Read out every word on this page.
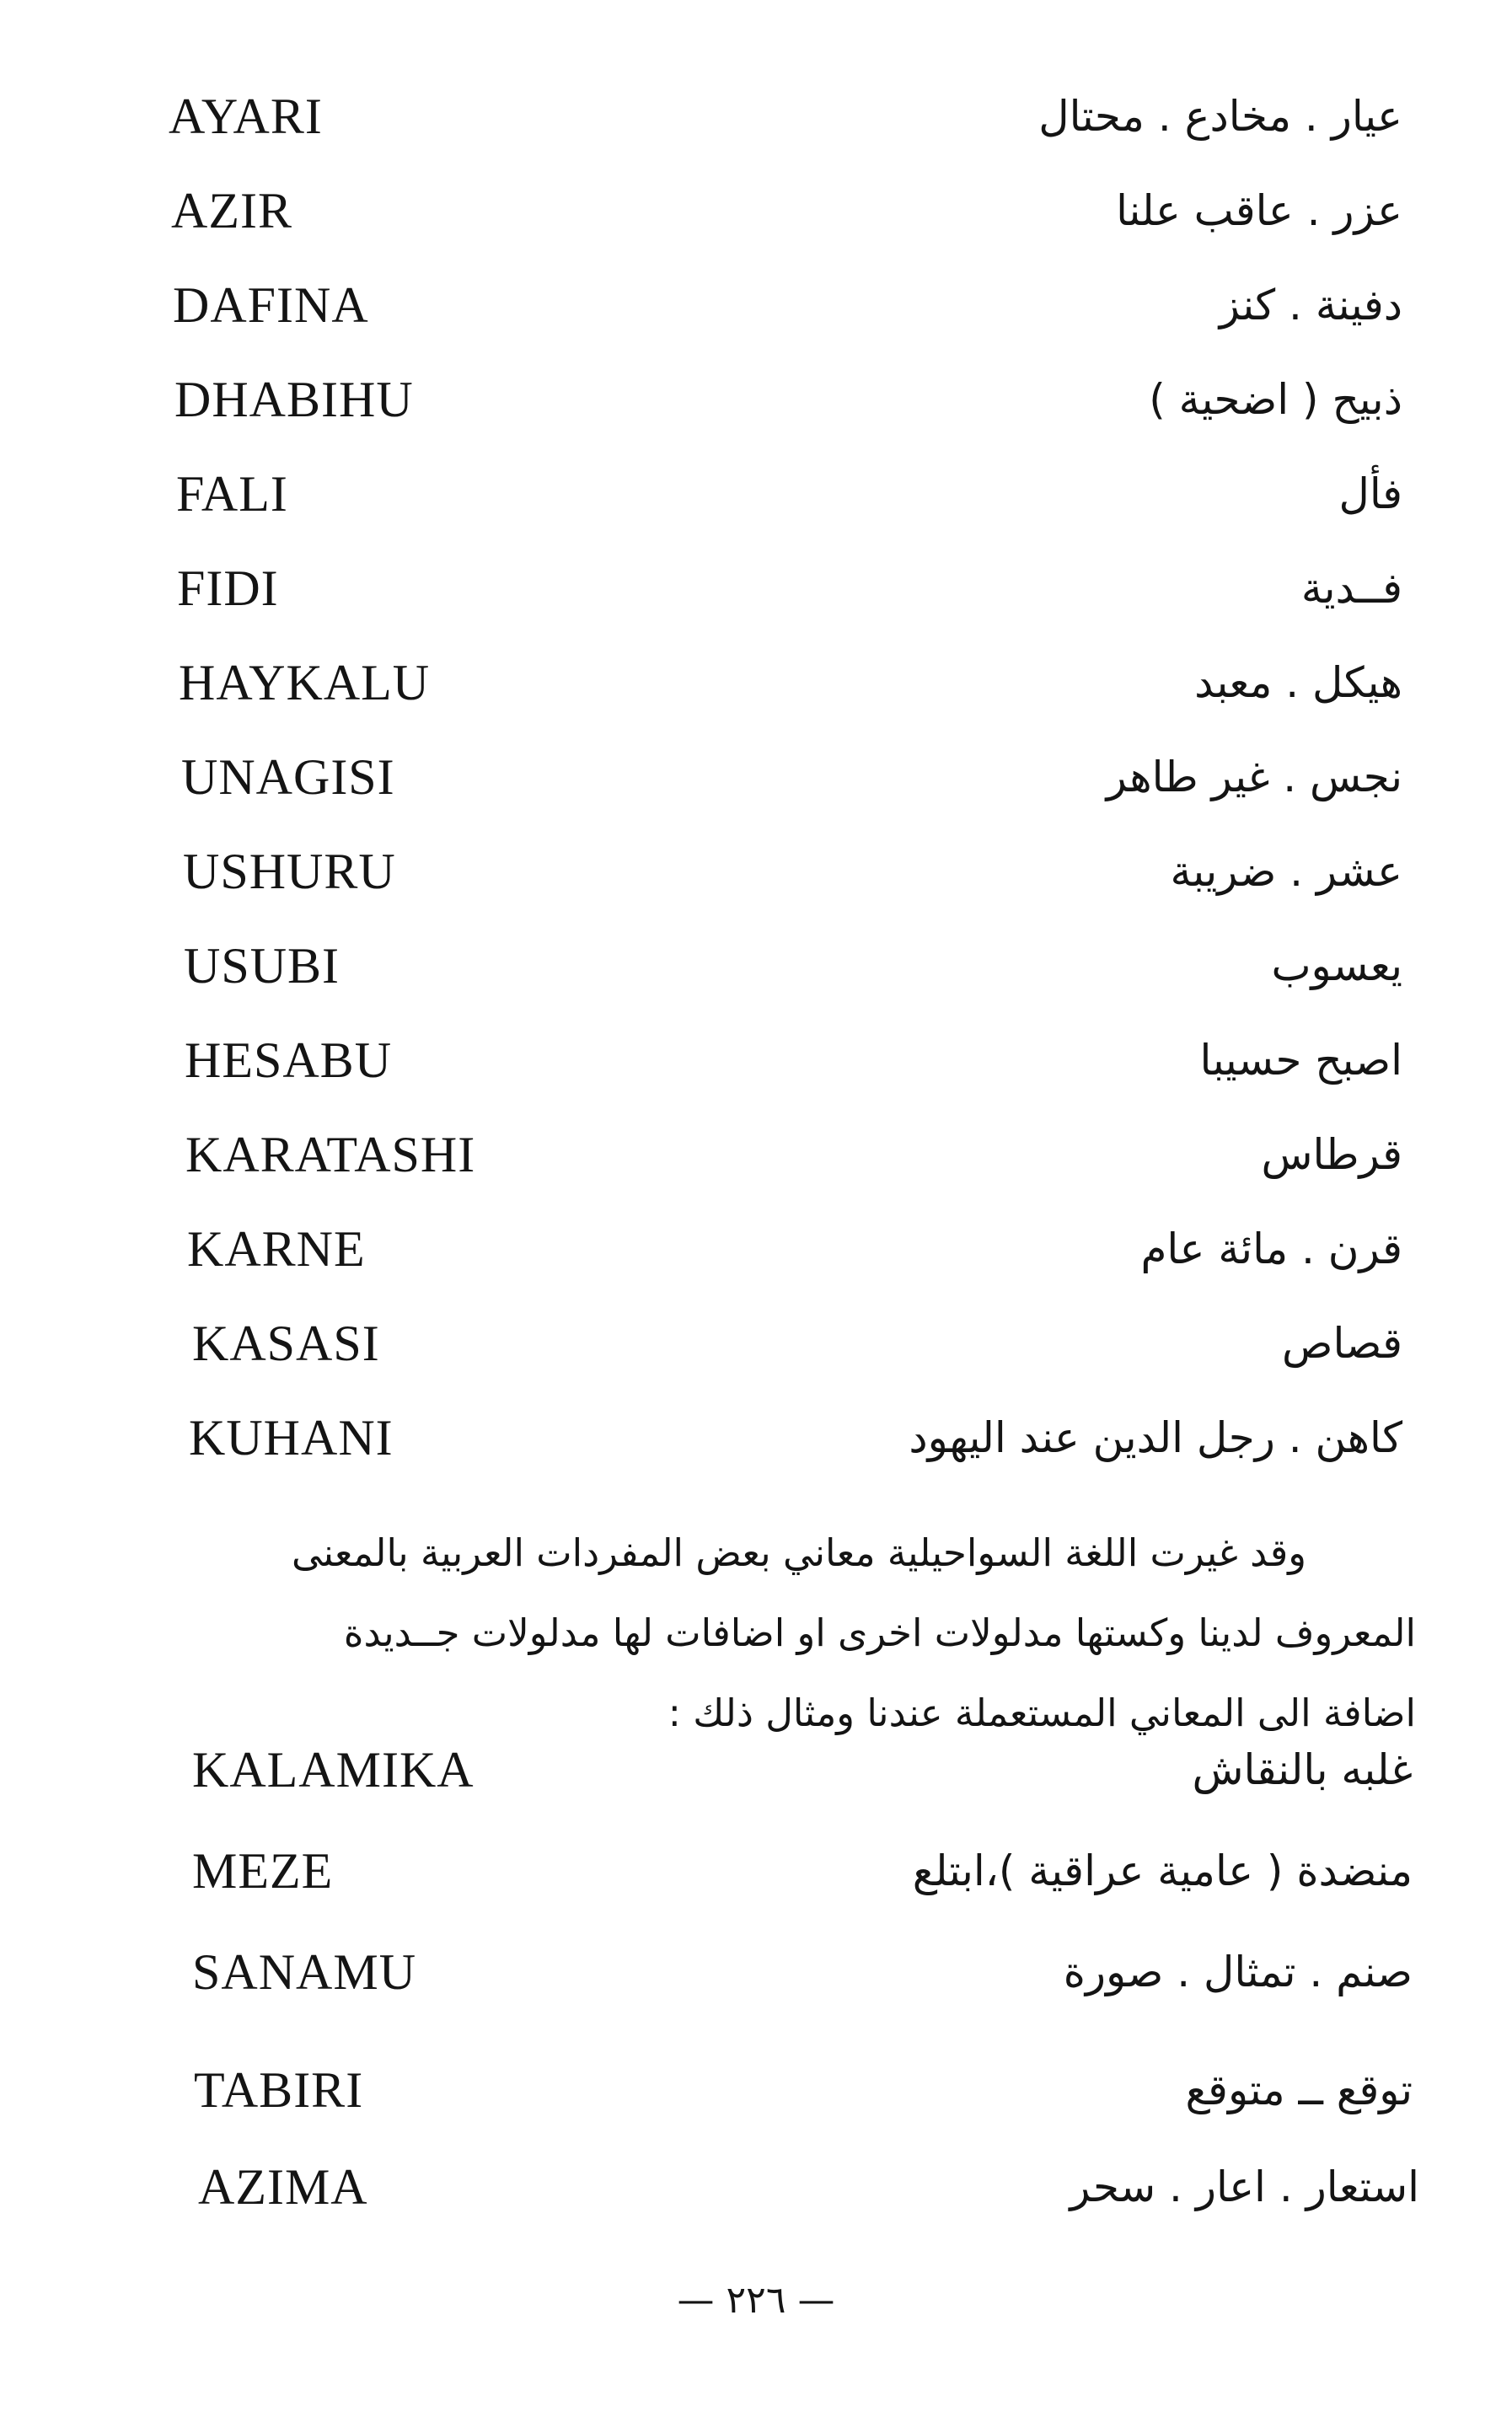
AYARI	عيار . مخادع . محتال
AZIR	عزر . عاقب علنا
DAFINA	دفينة . كنز
DHABIHU	ذبيح ( اضحية )
FALI	فأل
FIDI	فــدية
HAYKALU	هيكل . معبد
UNAGISI	نجس . غير طاهر
USHURU	عشر . ضريبة
USUBI	يعسوب
HESABU	اصبح حسيبا
KARATASHI	قرطاس
KARNE	قرن . مائة عام
KASASI	قصاص
KUHANI	كاهن . رجل الدين عند اليهود
وقد غيرت اللغة السواحيلية معاني بعض المفردات العربية بالمعنى
المعروف لدينا وكستها مدلولات اخرى او اضافات لها مدلولات جــديدة
اضافة الى المعاني المستعملة عندنا ومثال ذلك :
KALAMIKA	غلبه بالنقاش
MEZE	منضدة ( عامية عراقية )،ابتلع
SANAMU	صنم . تمثال . صورة
TABIRI	توقع ــ متوقع
AZIMA	استعار . اعار . سحر
— ٢٢٦ —
